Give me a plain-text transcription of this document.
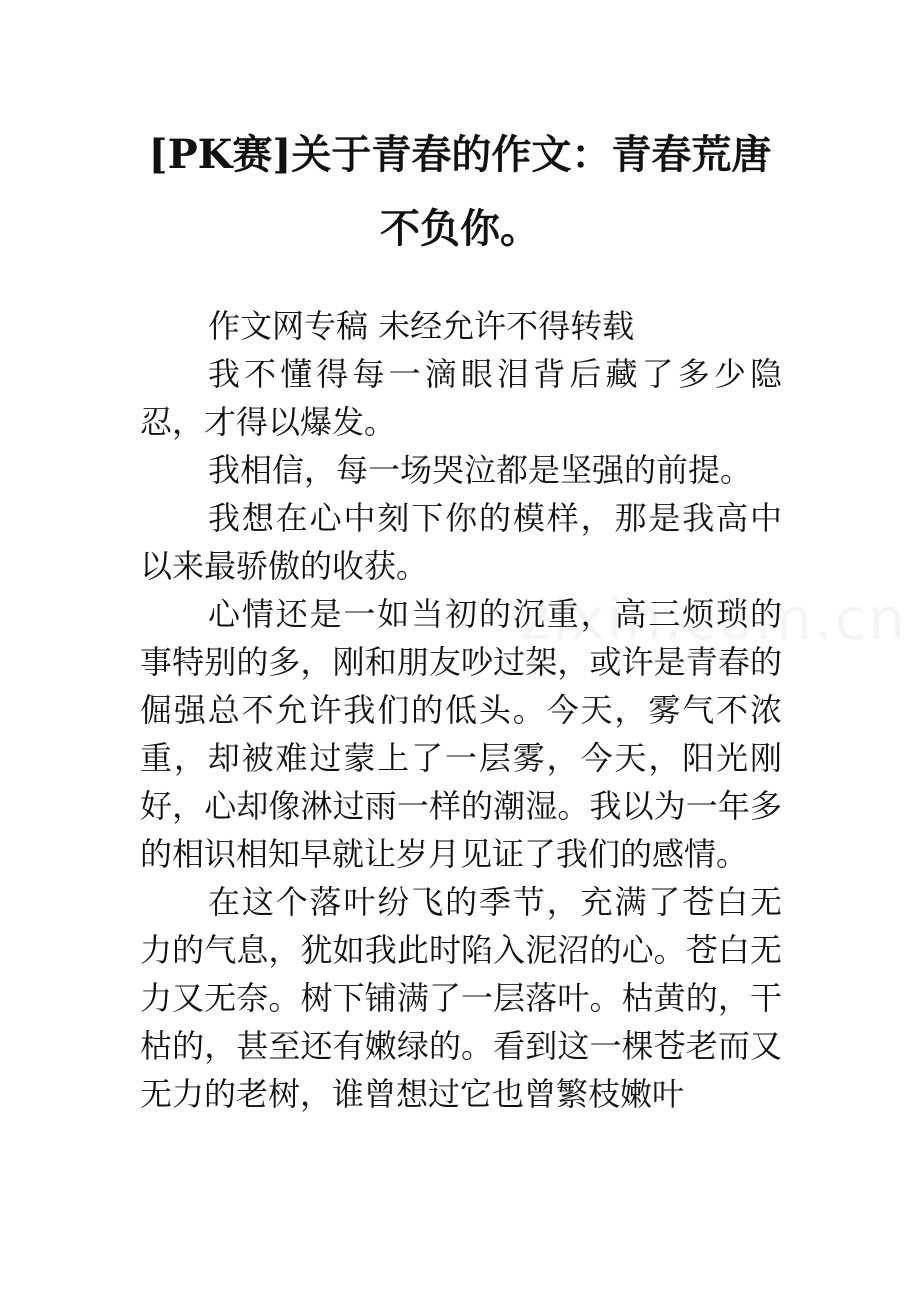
[PK赛]关于青春的作文：青春荒唐不负你。

作文网专稿 未经允许不得转载

我不懂得每一滴眼泪背后藏了多少隐忍，才得以爆发。

我相信，每一场哭泣都是坚强的前提。

我想在心中刻下你的模样，那是我高中以来最骄傲的收获。

心情还是一如当初的沉重，高三烦琐的事特别的多，刚和朋友吵过架，或许是青春的倔强总不允许我们的低头。今天，雾气不浓重，却被难过蒙上了一层雾，今天，阳光刚好，心却像淋过雨一样的潮湿。我以为一年多的相识相知早就让岁月见证了我们的感情。

在这个落叶纷飞的季节，充满了苍白无力的气息，犹如我此时陷入泥沼的心。苍白无力又无奈。树下铺满了一层落叶。枯黄的，干枯的，甚至还有嫩绿的。看到这一棵苍老而又无力的老树，谁曾想过它也曾繁枝嫩叶
